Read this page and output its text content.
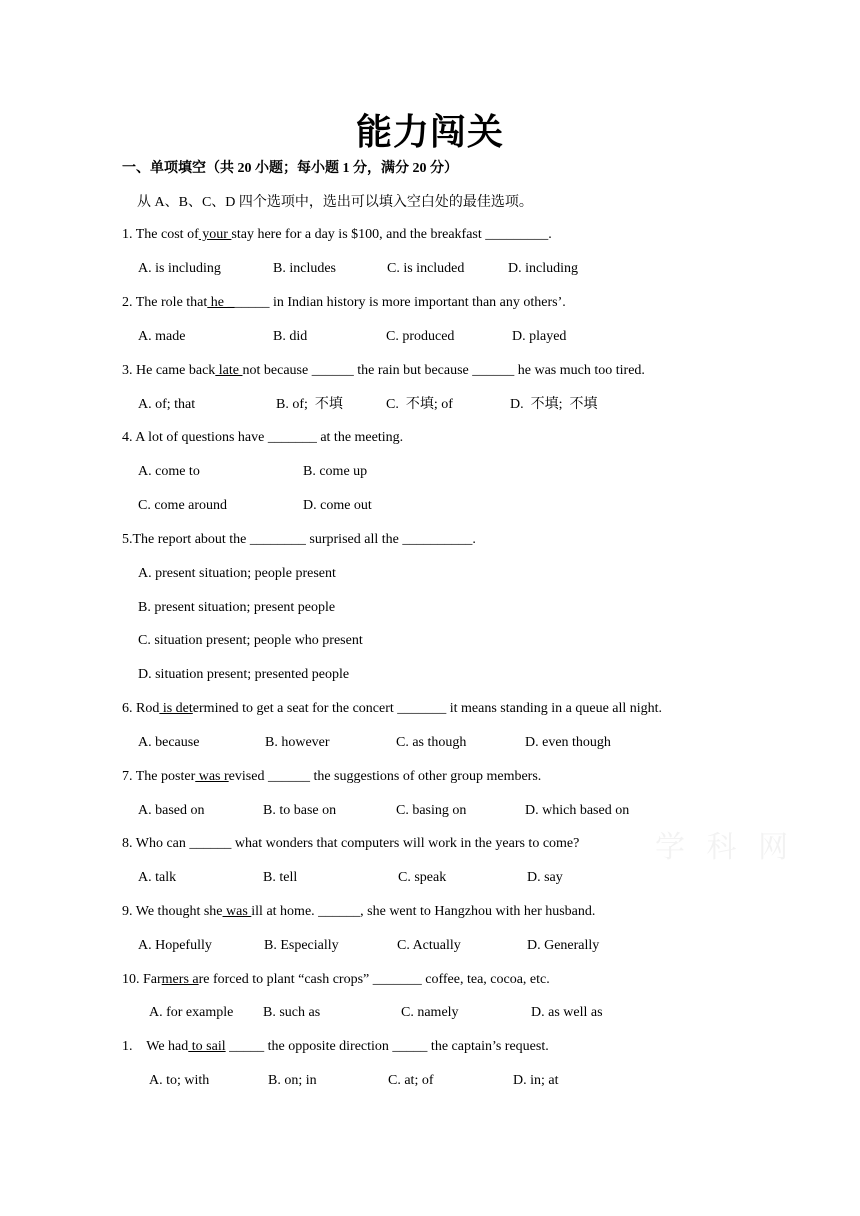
能力闯关
一、单项填空（共 20 小题；每小题 1 分，满分 20 分）
从 A、B、C、D 四个选项中，选出可以填入空白处的最佳选项。
1. The cost of your stay here for a day is $100, and the breakfast _________.
A. is including	B. includes	C. is included	D. including
2. The role that he ______ in Indian history is more important than any others’.
A. made	B. did	C. produced	D. played
3. He came back late not because ______ the rain but because ______ he was much too tired.
A. of; that	B. of;  不填	C.  不填; of	D.  不填;  不填
4. A lot of questions have _______ at the meeting.
A. come to	B. come up
C. come around	D. come out
5.The report about the ________ surprised all the __________.
A. present situation; people present
B. present situation; present people
C. situation present; people who present
D. situation present; presented people
6. Rod is determined to get a seat for the concert _______ it means standing in a queue all night.
A. because	B. however	C. as though	D. even though
7. The poster was revised ______ the suggestions of other group members.
A. based on	B. to base on	C. basing on	D. which based on
8. Who can ______ what wonders that computers will work in the years to come?
A. talk	B. tell	C. speak	D. say
9. We thought she was ill at home. ______, she went to Hangzhou with her husband.
A. Hopefully	B. Especially	C. Actually	D. Generally
10. Farmers are forced to plant “cash crops” _______ coffee, tea, cocoa, etc.
A. for example B. such as	C. namely	D. as well as
1.    We had to sail _____ the opposite direction _____ the captain’s request.
A. to; with	B. on; in	C. at; of	D. in; at
学 科 网
